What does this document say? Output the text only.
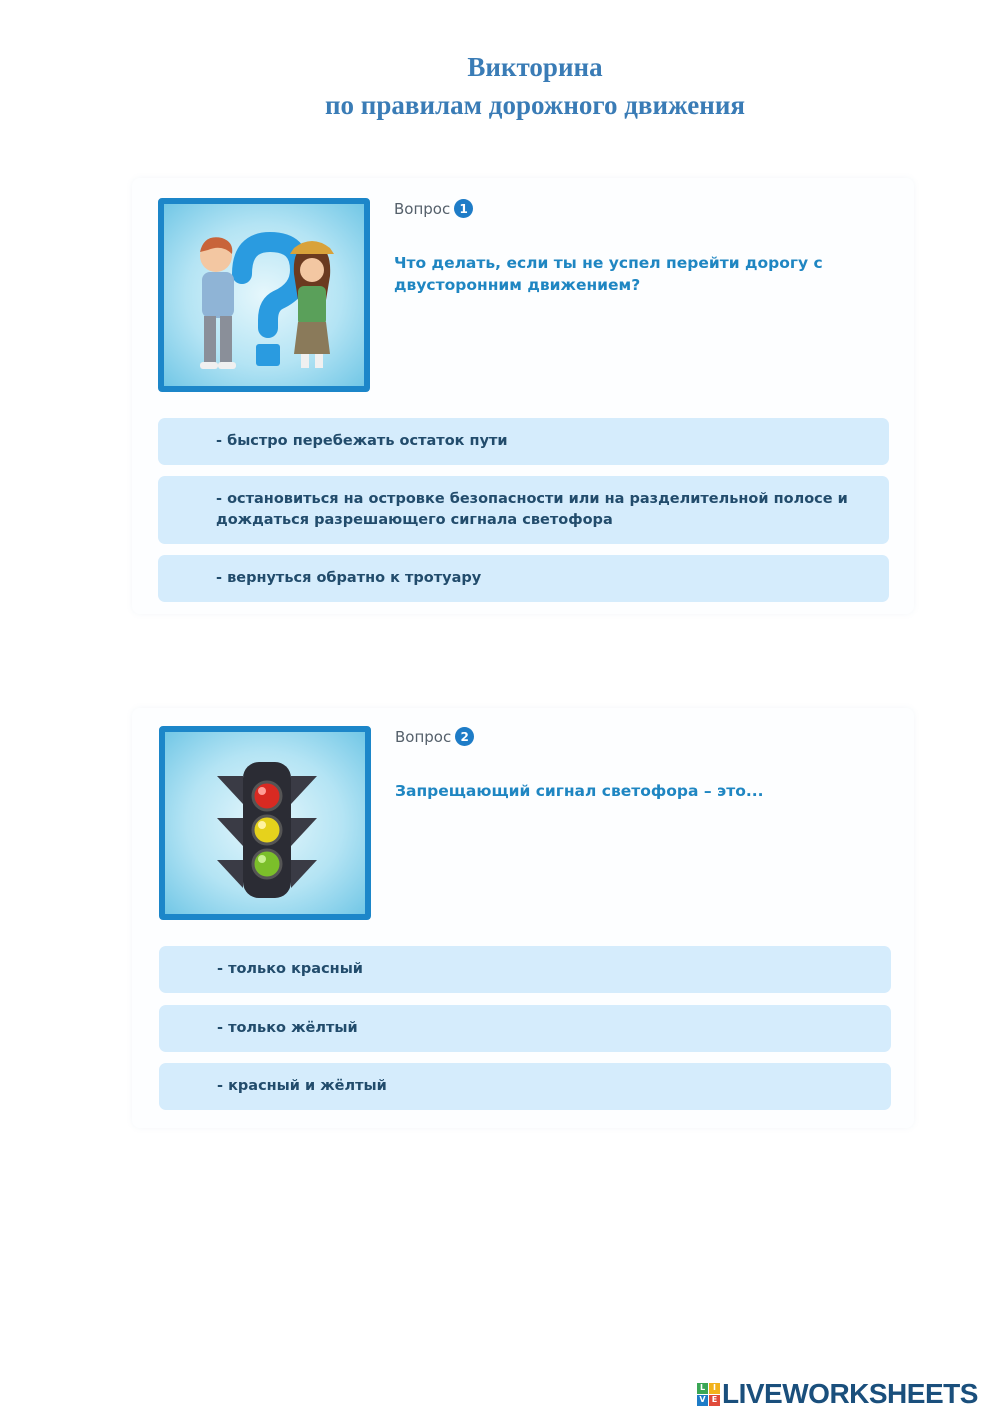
Викторина
по правилам дорожного движения
Вопрос 1
Что делать, если ты не успел перейти дорогу с двусторонним движением?
- быстро перебежать остаток пути
- остановиться на островке безопасности или на разделительной полосе и дождаться разрешающего сигнала светофора
- вернуться обратно к тротуару
Вопрос 2
Запрещающий сигнал светофора – это...
- только красный
- только жёлтый
- красный и жёлтый
L I
V E LIVEWORKSHEETS
